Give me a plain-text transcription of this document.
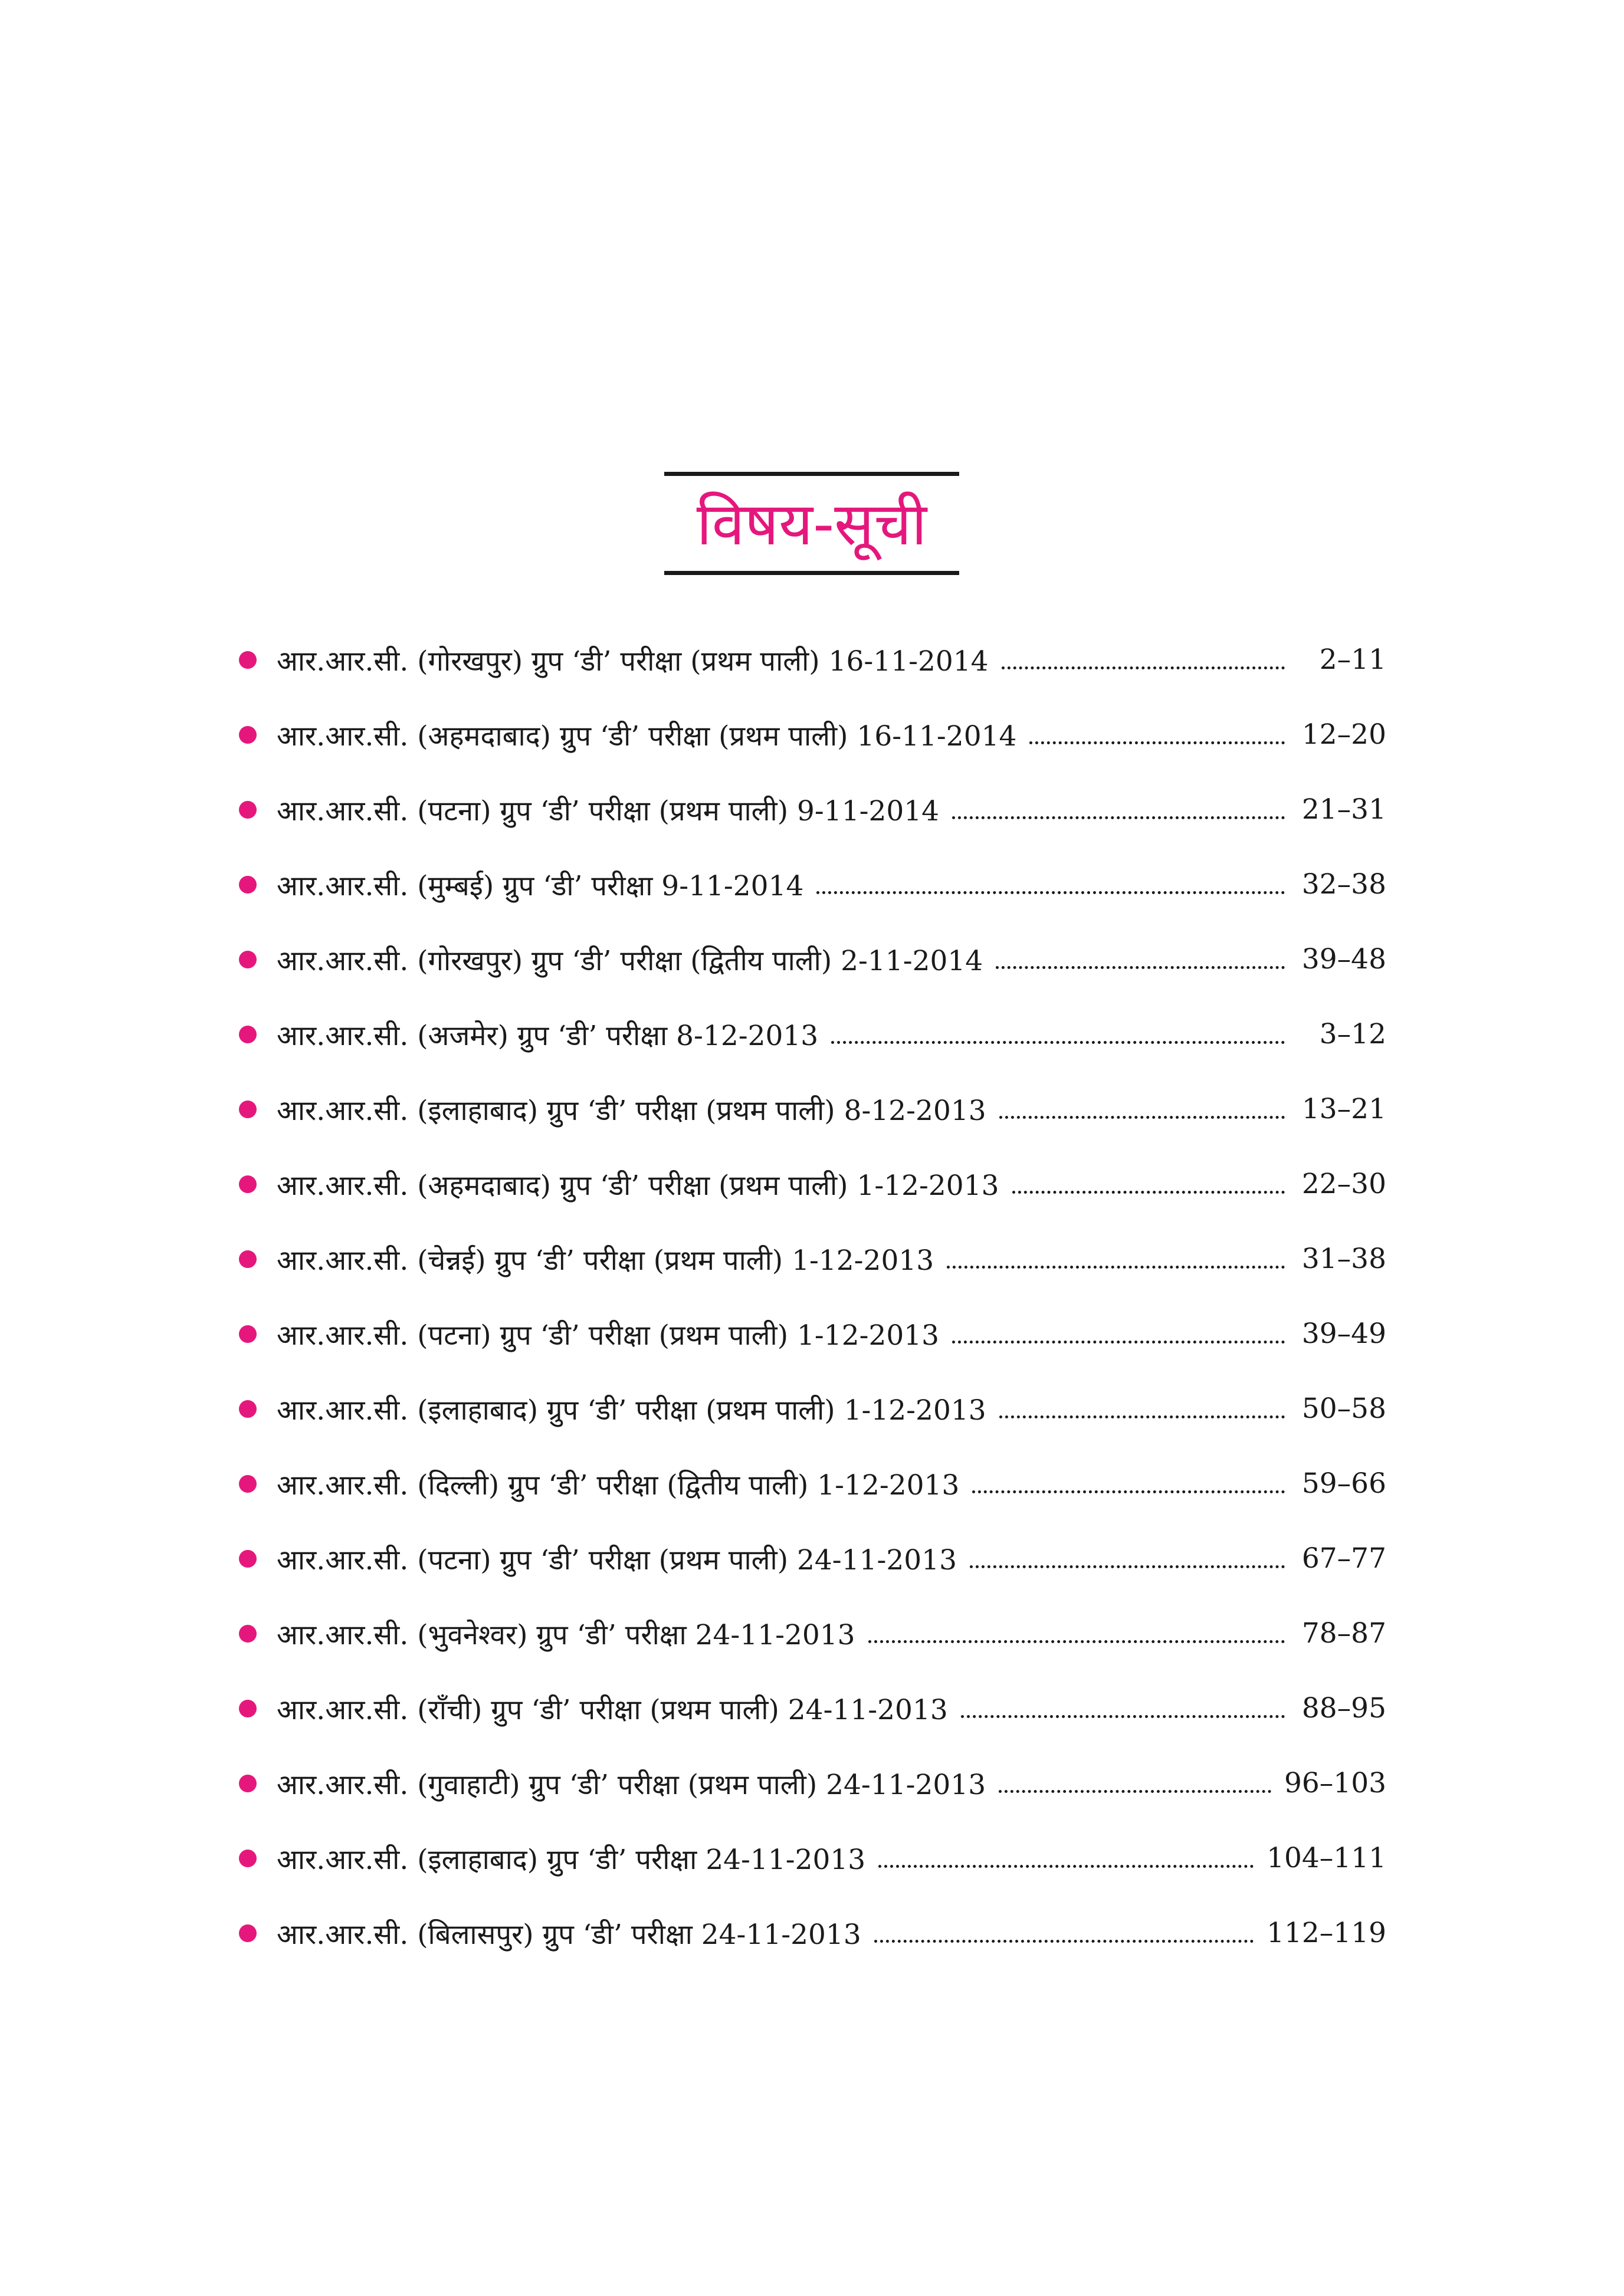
विषय-सूची
आर.आर.सी. (गोरखपुर) ग्रुप ‘डी’ परीक्षा (प्रथम पाली) 16-11-2014	2–11
आर.आर.सी. (अहमदाबाद) ग्रुप ‘डी’ परीक्षा (प्रथम पाली) 16-11-2014	12–20
आर.आर.सी. (पटना) ग्रुप ‘डी’ परीक्षा (प्रथम पाली) 9-11-2014	21–31
आर.आर.सी. (मुम्बई) ग्रुप ‘डी’ परीक्षा 9-11-2014	32–38
आर.आर.सी. (गोरखपुर) ग्रुप ‘डी’ परीक्षा (द्वितीय पाली) 2-11-2014	39–48
आर.आर.सी. (अजमेर) ग्रुप ‘डी’ परीक्षा 8-12-2013	3–12
आर.आर.सी. (इलाहाबाद) ग्रुप ‘डी’ परीक्षा (प्रथम पाली) 8-12-2013	13–21
आर.आर.सी. (अहमदाबाद) ग्रुप ‘डी’ परीक्षा (प्रथम पाली) 1-12-2013	22–30
आर.आर.सी. (चेन्नई) ग्रुप ‘डी’ परीक्षा (प्रथम पाली) 1-12-2013	31–38
आर.आर.सी. (पटना) ग्रुप ‘डी’ परीक्षा (प्रथम पाली) 1-12-2013	39–49
आर.आर.सी. (इलाहाबाद) ग्रुप ‘डी’ परीक्षा (प्रथम पाली) 1-12-2013	50–58
आर.आर.सी. (दिल्ली) ग्रुप ‘डी’ परीक्षा (द्वितीय पाली) 1-12-2013	59–66
आर.आर.सी. (पटना) ग्रुप ‘डी’ परीक्षा (प्रथम पाली) 24-11-2013	67–77
आर.आर.सी. (भुवनेश्वर) ग्रुप ‘डी’ परीक्षा 24-11-2013	78–87
आर.आर.सी. (राँची) ग्रुप ‘डी’ परीक्षा (प्रथम पाली) 24-11-2013	88–95
आर.आर.सी. (गुवाहाटी) ग्रुप ‘डी’ परीक्षा (प्रथम पाली) 24-11-2013	96–103
आर.आर.सी. (इलाहाबाद) ग्रुप ‘डी’ परीक्षा 24-11-2013	104–111
आर.आर.सी. (बिलासपुर) ग्रुप ‘डी’ परीक्षा 24-11-2013	112–119
